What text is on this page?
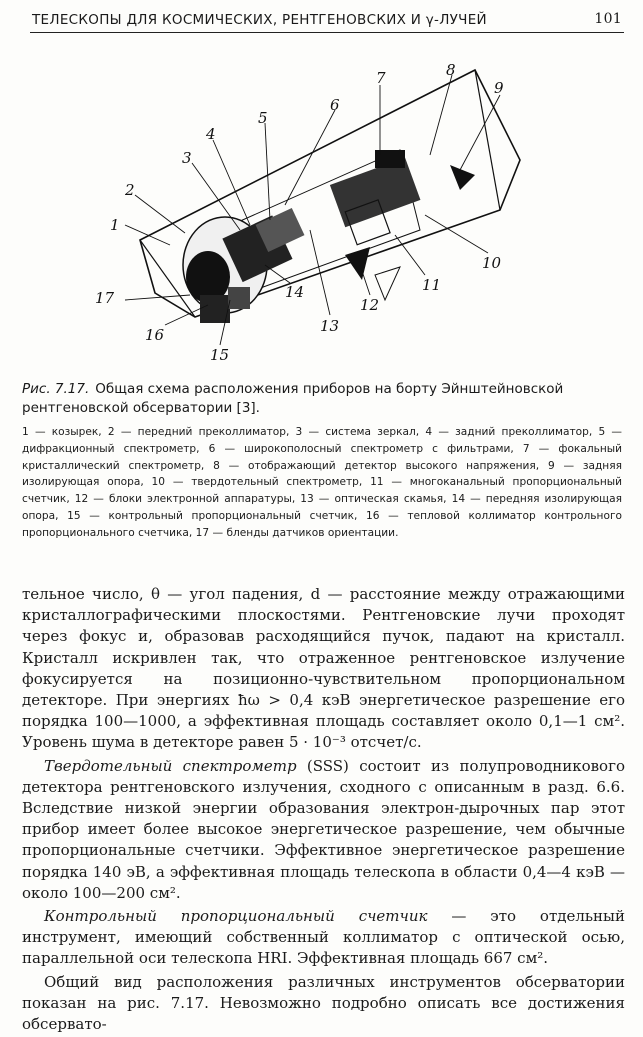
ТЕЛЕСКОПЫ ДЛЯ КОСМИЧЕСКИХ, РЕНТГЕНОВСКИХ И γ-ЛУЧЕЙ	101
1
2
3
4
5
6
7	8
9
10
11
12
13
14
15
16
17
Рис. 7.17. Общая схема расположения приборов на борту Эйнштейновской рентгеновской обсерватории [3].
1 — козырек, 2 — передний преколлиматор, 3 — система зеркал, 4 — задний преколлиматор, 5 — дифракционный спектрометр, 6 — широкополосный спектрометр с фильтрами, 7 — фокальный кристаллический спектрометр, 8 — отображающий детектор высокого напряжения, 9 — задняя изолирующая опора, 10 — твердотельный спектрометр, 11 — многоканальный пропорциональный счетчик, 12 — блоки электронной аппаратуры, 13 — оптическая скамья, 14 — передняя изолирующая опора, 15 — контрольный пропорциональный счетчик, 16 — тепловой коллиматор контрольного пропорционального счетчика, 17 — бленды датчиков ориентации.

тельное число, θ — угол падения, d — расстояние между отражающими кристаллографическими плоскостями. Рентгеновские лучи проходят через фокус и, образовав расходящийся пучок, падают на кристалл. Кристалл искривлен так, что отраженное рентгеновское излучение фокусируется на позиционно-чувствительном пропорциональном детекторе. При энергиях ħω > 0,4 кэВ энергетическое разрешение его порядка 100—1000, а эффективная площадь составляет около 0,1—1 см². Уровень шума в детекторе равен 5 · 10⁻³ отсчет/с.

Твердотельный спектрометр (SSS) состоит из полупроводникового детектора рентгеновского излучения, сходного с описанным в разд. 6.6. Вследствие низкой энергии образования электрон-дырочных пар этот прибор имеет более высокое энергетическое разрешение, чем обычные пропорциональные счетчики. Эффективное энергетическое разрешение порядка 140 эВ, а эффективная площадь телескопа в области 0,4—4 кэВ — около 100—200 см².

Контрольный пропорциональный счетчик — это отдельный инструмент, имеющий собственный коллиматор с оптической осью, параллельной оси телескопа HRI. Эффективная площадь 667 см².

Общий вид расположения различных инструментов обсерватории показан на рис. 7.17. Невозможно подробно описать все достижения обсервато-
